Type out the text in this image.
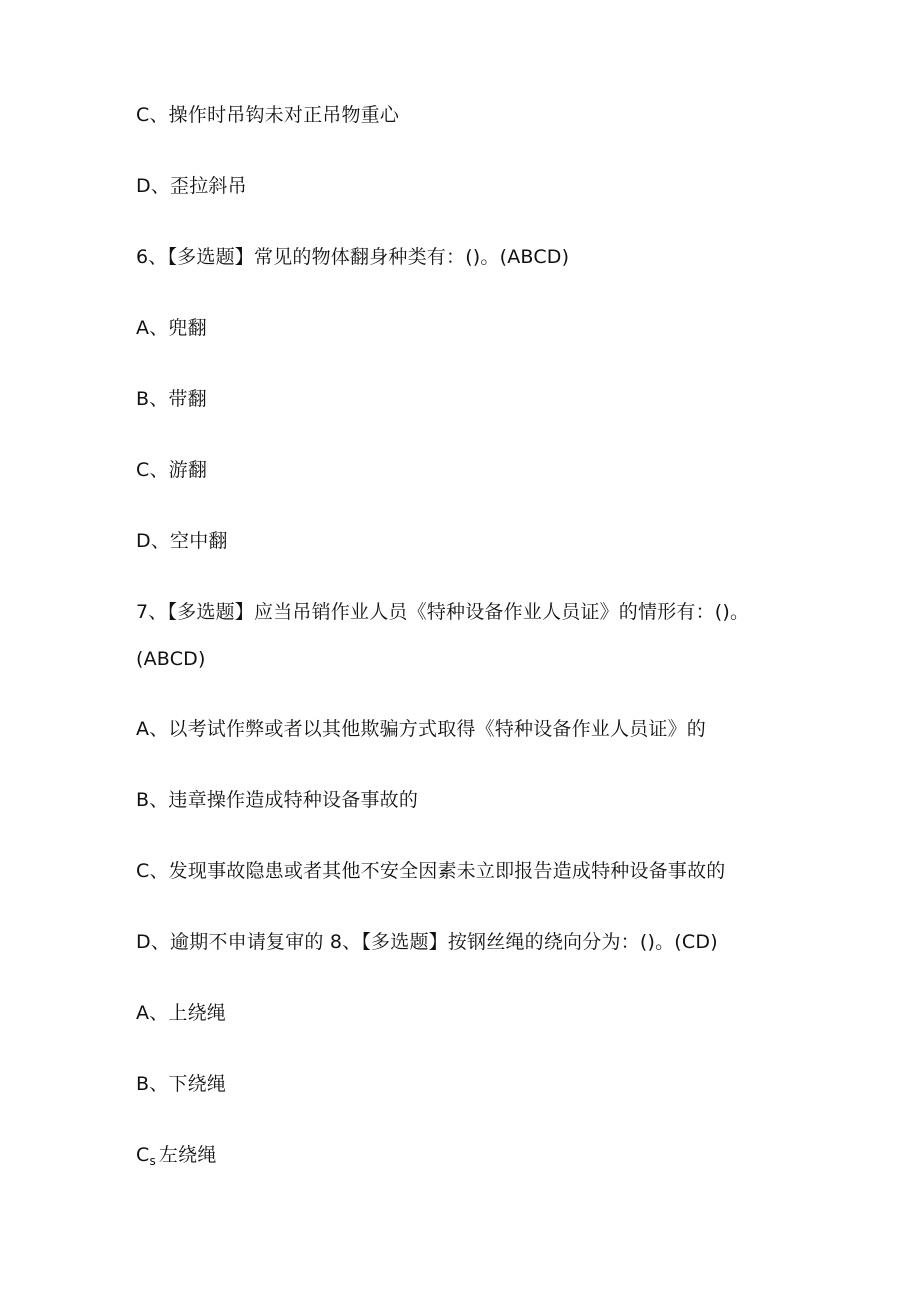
C、操作时吊钩未对正吊物重心
D、歪拉斜吊
6、【多选题】常见的物体翻身种类有：()。(ABCD)
A、兜翻
B、带翻
C、游翻
D、空中翻
7、【多选题】应当吊销作业人员《特种设备作业人员证》的情形有：()。
(ABCD)
A、以考试作弊或者以其他欺骗方式取得《特种设备作业人员证》的
B、违章操作造成特种设备事故的
C、发现事故隐患或者其他不安全因素未立即报告造成特种设备事故的
D、逾期不申请复审的 8、【多选题】按钢丝绳的绕向分为：()。(CD)
A、上绕绳
B、下绕绳
$C_s$ 左绕绳
